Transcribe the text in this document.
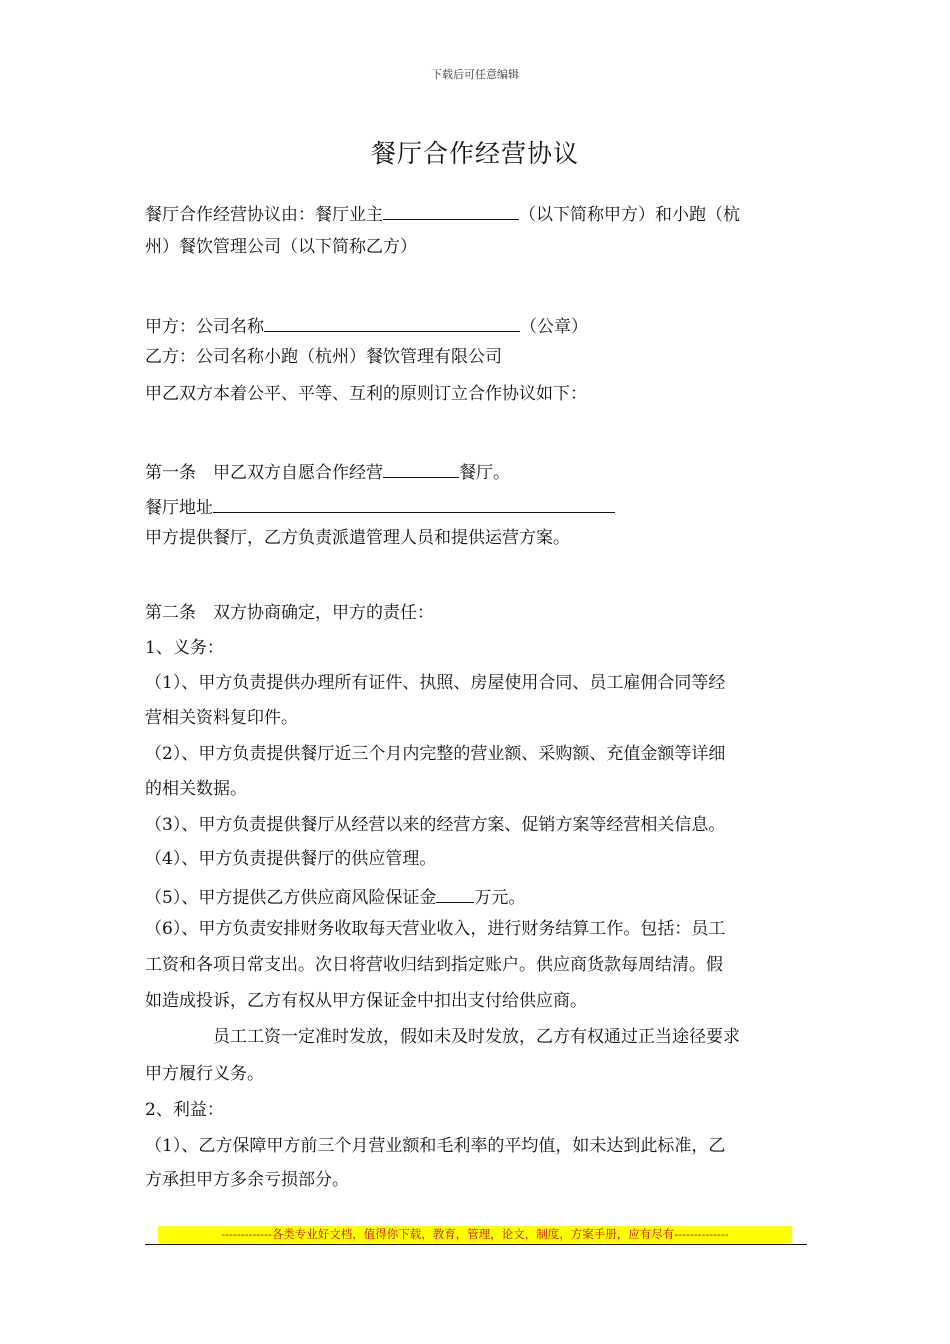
下载后可任意编辑
餐厅合作经营协议
餐厅合作经营协议由：餐厅业主	（以下简称甲方）和小跑（杭
州）餐饮管理公司（以下简称乙方）
甲方：公司名称	（公章）
乙方：公司名称小跑（杭州）餐饮管理有限公司
甲乙双方本着公平、平等、互利的原则订立合作协议如下：
第一条　甲乙双方自愿合作经营	餐厅。
餐厅地址
甲方提供餐厅，乙方负责派遣管理人员和提供运营方案。
第二条　双方协商确定，甲方的责任：
1、义务：
（1）、甲方负责提供办理所有证件、执照、房屋使用合同、员工雇佣合同等经
营相关资料复印件。
（2）、甲方负责提供餐厅近三个月内完整的营业额、采购额、充值金额等详细
的相关数据。
（3）、甲方负责提供餐厅从经营以来的经营方案、促销方案等经营相关信息。
（4）、甲方负责提供餐厅的供应管理。
（5）、甲方提供乙方供应商风险保证金 万元。
（6）、甲方负责安排财务收取每天营业收入，进行财务结算工作。包括：员工
工资和各项日常支出。次日将营收归结到指定账户。供应商货款每周结清。假
如造成投诉，乙方有权从甲方保证金中扣出支付给供应商。
员工工资一定准时发放，假如未及时发放，乙方有权通过正当途径要求
甲方履行义务。
2、利益：
（1）、乙方保障甲方前三个月营业额和毛利率的平均值，如未达到此标准，乙
方承担甲方多余亏损部分。
-------------各类专业好文档，值得你下载，教育，管理，论文，制度，方案手册，应有尽有--------------
